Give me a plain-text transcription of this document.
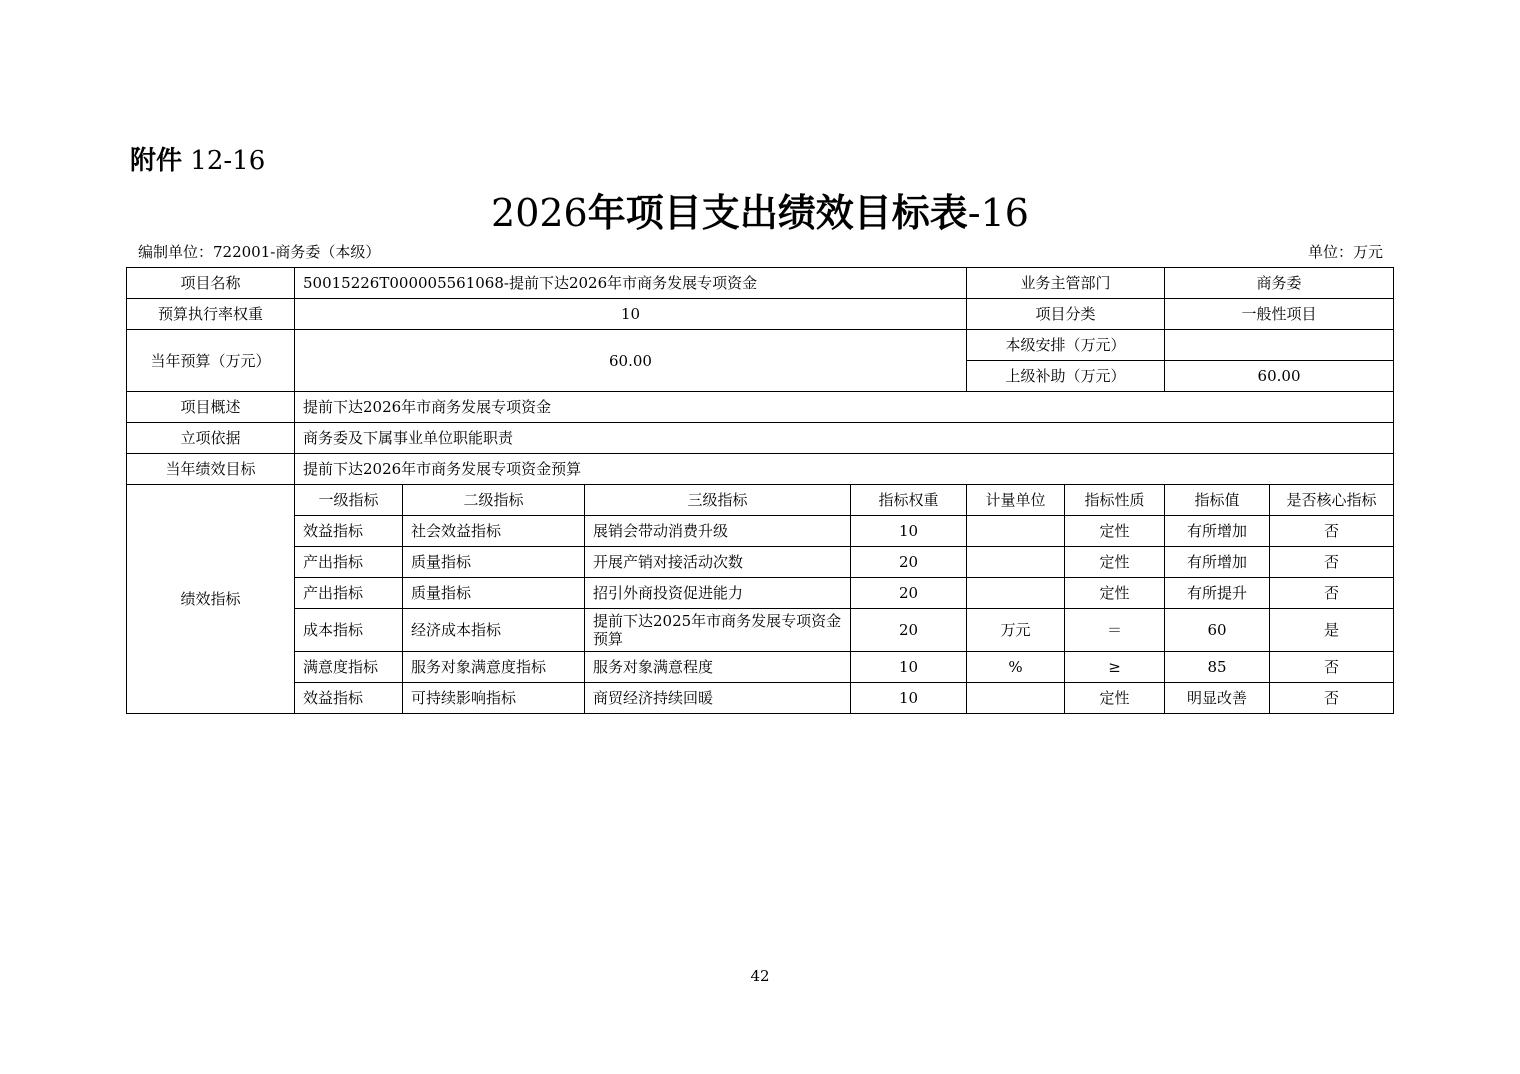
附件 12-16
2026年项目支出绩效目标表-16
编制单位：722001-商务委（本级）	单位：万元
项目名称	50015226T000005561068-提前下达2026年市商务发展专项资金				业务主管部门		商务委	
预算执行率权重	10				项目分类		一般性项目	
当年预算（万元）	60.00				本级安排（万元）			
					上级补助（万元）		60.00	
项目概述	提前下达2026年市商务发展专项资金							
立项依据	商务委及下属事业单位职能职责							
当年绩效目标	提前下达2026年市商务发展专项资金预算							
绩效指标	一级指标	二级指标	三级指标	指标权重	计量单位	指标性质	指标值	是否核心指标
	效益指标	社会效益指标	展销会带动消费升级	10		定性	有所增加	否
	产出指标	质量指标	开展产销对接活动次数	20		定性	有所增加	否
	产出指标	质量指标	招引外商投资促进能力	20		定性	有所提升	否
	成本指标	经济成本指标	提前下达2025年市商务发展专项资金预算	20	万元	＝	60	是
	满意度指标	服务对象满意度指标	服务对象满意程度	10	%	≥	85	否
	效益指标	可持续影响指标	商贸经济持续回暖	10		定性	明显改善	否
42
